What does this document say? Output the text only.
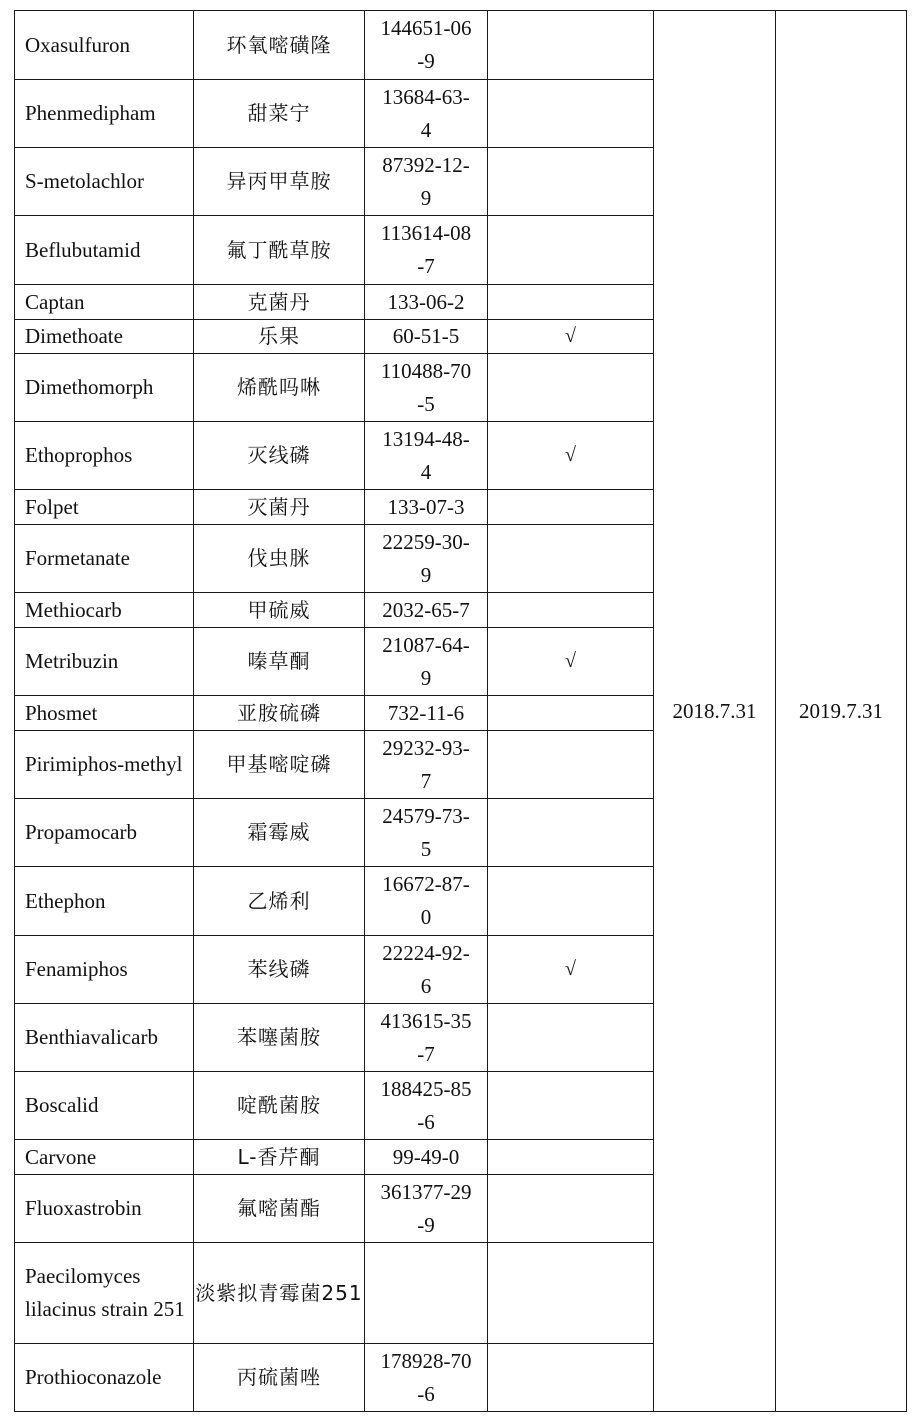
Oxasulfuron	环氧嘧磺隆	144651-06-9		2018.7.31	2019.7.31

Phenmedipham	甜菜宁	13684-63-4			

S-metolachlor	异丙甲草胺	87392-12-9			

Beflubutamid	氟丁酰草胺	113614-08-7			

Captan	克菌丹	133-06-2			

Dimethoate	乐果	60-51-5	√		

Dimethomorph	烯酰吗啉	110488-70-5			

Ethoprophos	灭线磷	13194-48-4	√		

Folpet	灭菌丹	133-07-3			

Formetanate	伐虫脒	22259-30-9			

Methiocarb	甲硫威	2032-65-7			

Metribuzin	嗪草酮	21087-64-9	√		

Phosmet	亚胺硫磷	732-11-6			

Pirimiphos-methyl	甲基嘧啶磷	29232-93-7			

Propamocarb	霜霉威	24579-73-5			

Ethephon	乙烯利	16672-87-0			

Fenamiphos	苯线磷	22224-92-6	√		

Benthiavalicarb	苯噻菌胺	413615-35-7			

Boscalid	啶酰菌胺	188425-85-6			

Carvone	L-香芹酮	99-49-0			

Fluoxastrobin	氟嘧菌酯	361377-29-9			

Paecilomyces lilacinus strain 251	淡紫拟青霉菌251				

Prothioconazole	丙硫菌唑	178928-70-6			
